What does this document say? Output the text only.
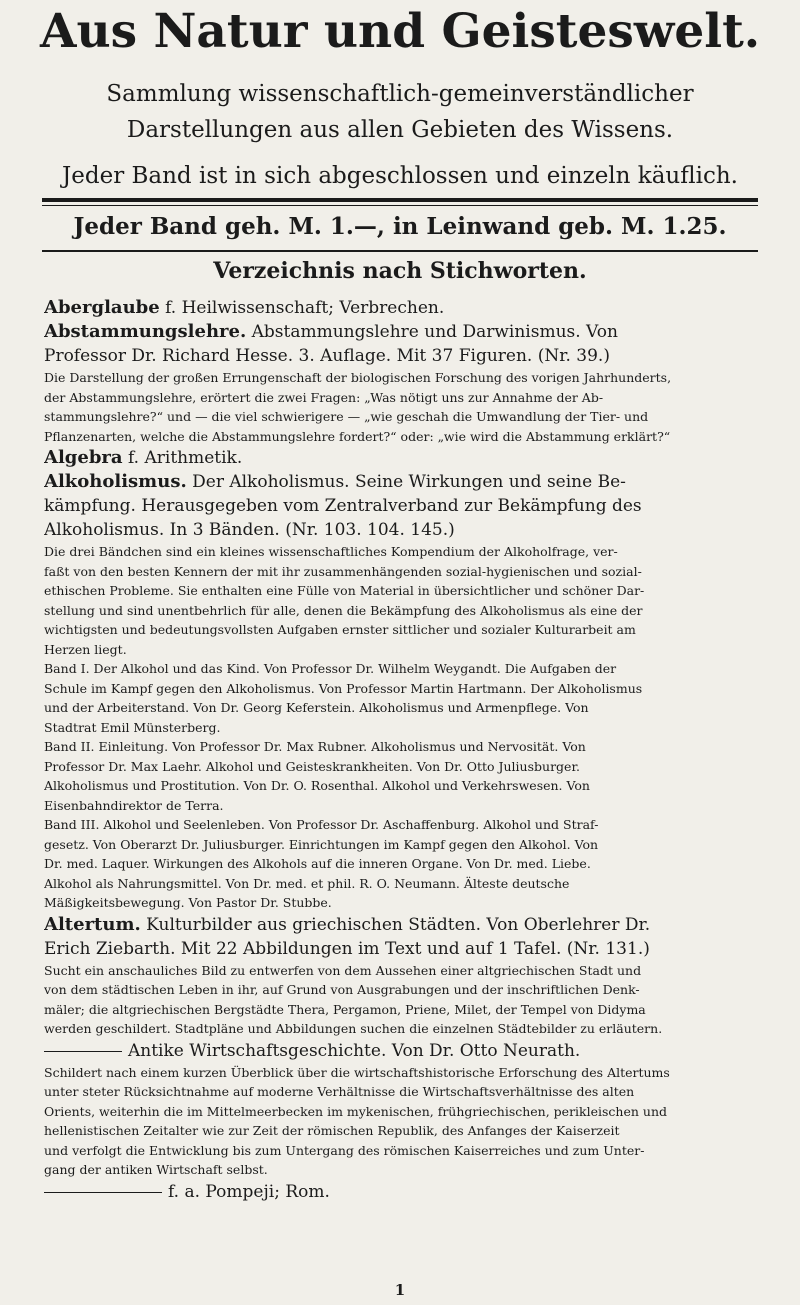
Aus Natur und Geisteswelt.
Sammlung wissenschaftlich-gemeinverständlicher
Darstellungen aus allen Gebieten des Wissens.
Jeder Band ist in sich abgeschlossen und einzeln käuflich.
Jeder Band geh. M. 1.—, in Leinwand geb. M. 1.25.
Verzeichnis nach Stichworten.
Aberglaube f. Heilwissenschaft; Verbrechen.
Abstammungslehre. Abstammungslehre und Darwinismus. Von
Professor Dr. Richard Hesse. 3. Auflage. Mit 37 Figuren. (Nr. 39.)
Die Darstellung der großen Errungenschaft der biologischen Forschung des vorigen Jahrhunderts,
der Abstammungslehre, erörtert die zwei Fragen: „Was nötigt uns zur Annahme der Ab-
stammungslehre?“ und — die viel schwierigere — „wie geschah die Umwandlung der Tier- und
Pflanzenarten, welche die Abstammungslehre fordert?“ oder: „wie wird die Abstammung erklärt?“
Algebra f. Arithmetik.
Alkoholismus. Der Alkoholismus. Seine Wirkungen und seine Be-
kämpfung. Herausgegeben vom Zentralverband zur Bekämpfung des
Alkoholismus. In 3 Bänden. (Nr. 103. 104. 145.)
Die drei Bändchen sind ein kleines wissenschaftliches Kompendium der Alkoholfrage, ver-
faßt von den besten Kennern der mit ihr zusammenhängenden sozial-hygienischen und sozial-
ethischen Probleme. Sie enthalten eine Fülle von Material in übersichtlicher und schöner Dar-
stellung und sind unentbehrlich für alle, denen die Bekämpfung des Alkoholismus als eine der
wichtigsten und bedeutungsvollsten Aufgaben ernster sittlicher und sozialer Kulturarbeit am
Herzen liegt.
Band I. Der Alkohol und das Kind. Von Professor Dr. Wilhelm Weygandt. Die Aufgaben der
Schule im Kampf gegen den Alkoholismus. Von Professor Martin Hartmann. Der Alkoholismus
und der Arbeiterstand. Von Dr. Georg Keferstein. Alkoholismus und Armenpflege. Von
Stadtrat Emil Münsterberg.
Band II. Einleitung. Von Professor Dr. Max Rubner. Alkoholismus und Nervosität. Von
Professor Dr. Max Laehr. Alkohol und Geisteskrankheiten. Von Dr. Otto Juliusburger.
Alkoholismus und Prostitution. Von Dr. O. Rosenthal. Alkohol und Verkehrswesen. Von
Eisenbahndirektor de Terra.
Band III. Alkohol und Seelenleben. Von Professor Dr. Aschaffenburg. Alkohol und Straf-
gesetz. Von Oberarzt Dr. Juliusburger. Einrichtungen im Kampf gegen den Alkohol. Von
Dr. med. Laquer. Wirkungen des Alkohols auf die inneren Organe. Von Dr. med. Liebe.
Alkohol als Nahrungsmittel. Von Dr. med. et phil. R. O. Neumann. Älteste deutsche
Mäßigkeitsbewegung. Von Pastor Dr. Stubbe.
Altertum. Kulturbilder aus griechischen Städten. Von Oberlehrer Dr.
Erich Ziebarth. Mit 22 Abbildungen im Text und auf 1 Tafel. (Nr. 131.)
Sucht ein anschauliches Bild zu entwerfen von dem Aussehen einer altgriechischen Stadt und
von dem städtischen Leben in ihr, auf Grund von Ausgrabungen und der inschriftlichen Denk-
mäler; die altgriechischen Bergstädte Thera, Pergamon, Priene, Milet, der Tempel von Didyma
werden geschildert. Stadtpläne und Abbildungen suchen die einzelnen Städtebilder zu erläutern.
Antike Wirtschaftsgeschichte. Von Dr. Otto Neurath.
Schildert nach einem kurzen Überblick über die wirtschaftshistorische Erforschung des Altertums
unter steter Rücksichtnahme auf moderne Verhältnisse die Wirtschaftsverhältnisse des alten
Orients, weiterhin die im Mittelmeerbecken im mykenischen, frühgriechischen, perikleischen und
hellenistischen Zeitalter wie zur Zeit der römischen Republik, des Anfanges der Kaiserzeit
und verfolgt die Entwicklung bis zum Untergang des römischen Kaiserreiches und zum Unter-
gang der antiken Wirtschaft selbst.
f. a. Pompeji; Rom.
1
